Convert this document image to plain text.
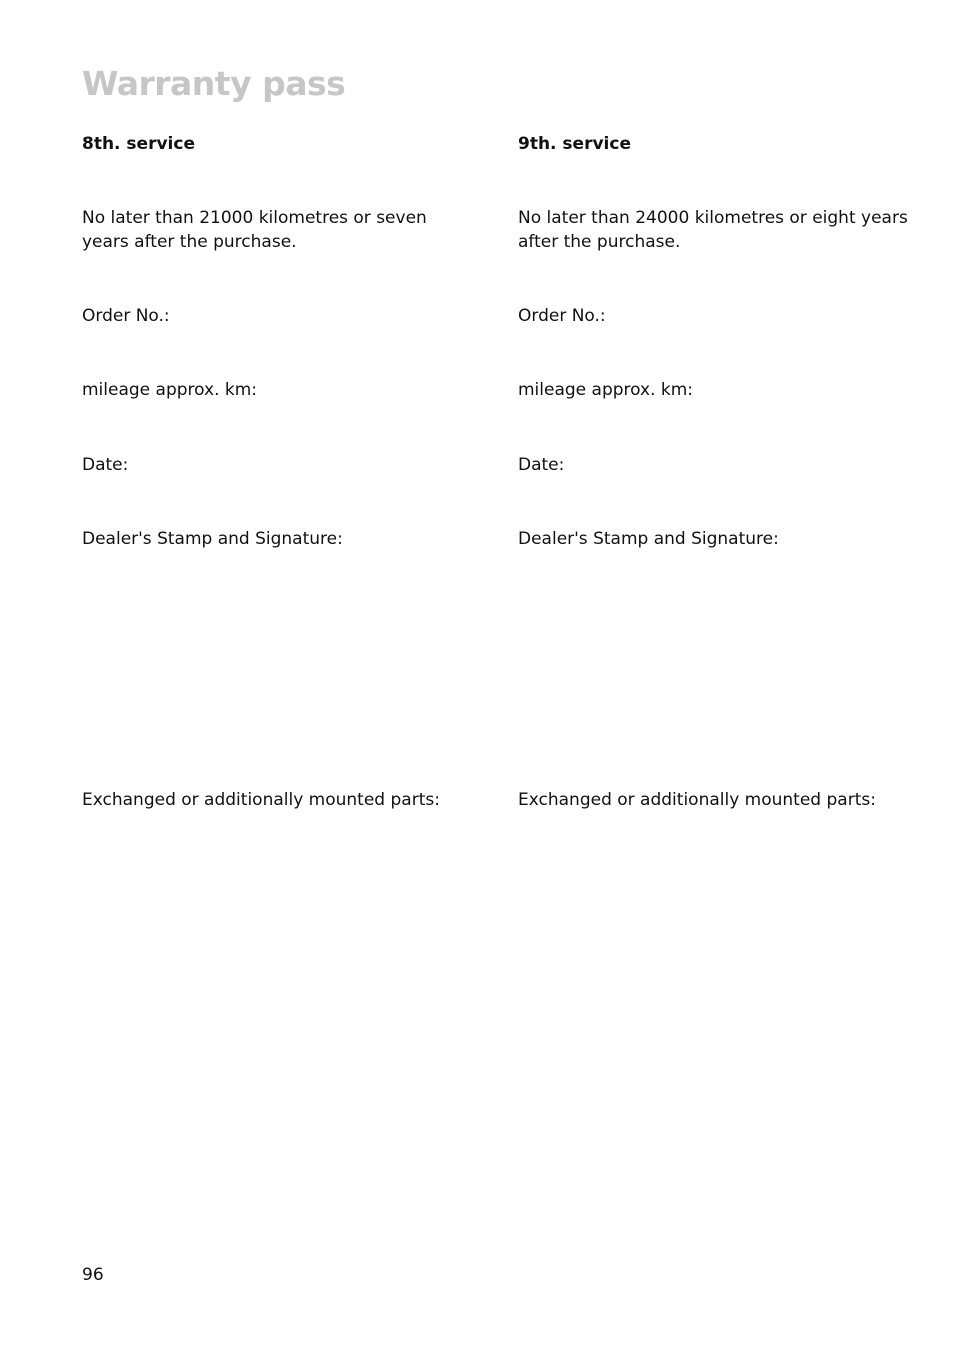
Warranty pass

8th. service

No later than 21000 kilometres or seven
years after the purchase.

Order No.:

mileage approx. km:

Date:

Dealer's Stamp and Signature:

Exchanged or additionally mounted parts:

9th. service

No later than 24000 kilometres or eight years
after the purchase.

Order No.:

mileage approx. km:

Date:

Dealer's Stamp and Signature:

Exchanged or additionally mounted parts:

96
